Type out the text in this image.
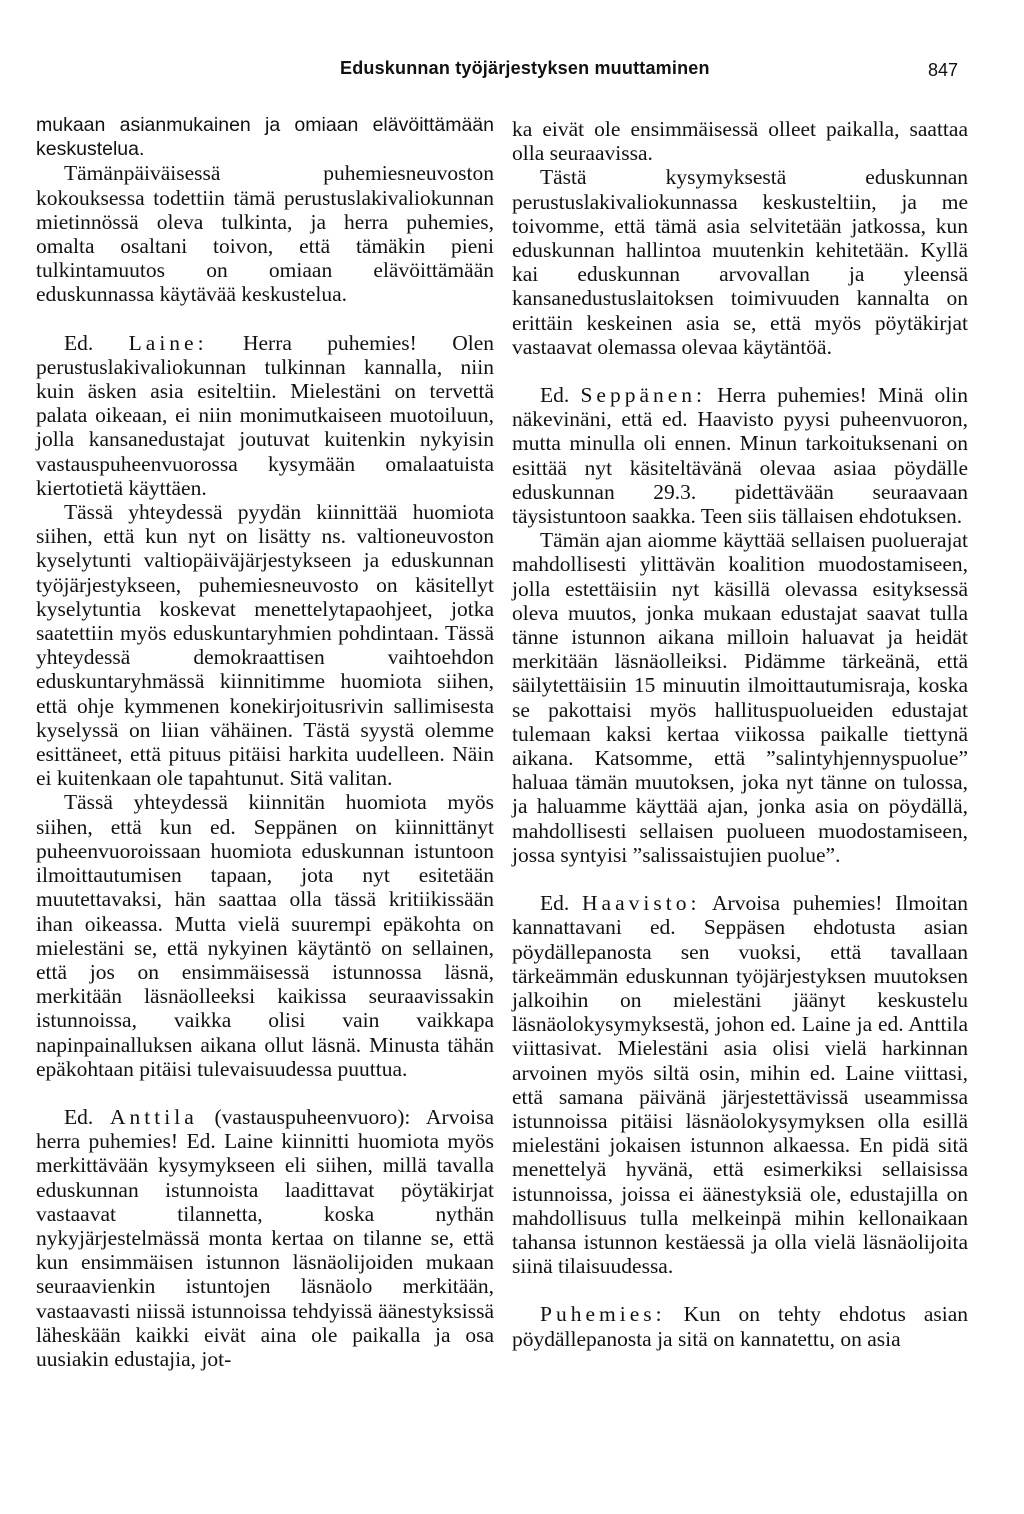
Eduskunnan työjärjestyksen muuttaminen	847

mukaan asianmukainen ja omiaan elävöittämään keskustelua.

Tämänpäiväisessä puhemiesneuvoston kokouksessa todettiin tämä perustuslakivaliokunnan mietinnössä oleva tulkinta, ja herra puhemies, omalta osaltani toivon, että tämäkin pieni tulkintamuutos on omiaan elävöittämään eduskunnassa käytävää keskustelua.

Ed. Laine: Herra puhemies! Olen perustuslakivaliokunnan tulkinnan kannalla, niin kuin äsken asia esiteltiin. Mielestäni on tervettä palata oikeaan, ei niin monimutkaiseen muotoiluun, jolla kansanedustajat joutuvat kuitenkin nykyisin vastauspuheenvuorossa kysymään omalaatuista kiertotietä käyttäen.

Tässä yhteydessä pyydän kiinnittää huomiota siihen, että kun nyt on lisätty ns. valtioneuvoston kyselytunti valtiopäiväjärjestykseen ja eduskunnan työjärjestykseen, puhemiesneuvosto on käsitellyt kyselytuntia koskevat menettelytapaohjeet, jotka saatettiin myös eduskuntaryhmien pohdintaan. Tässä yhteydessä demokraattisen vaihtoehdon eduskuntaryhmässä kiinnitimme huomiota siihen, että ohje kymmenen konekirjoitusrivin sallimisesta kyselyssä on liian vähäinen. Tästä syystä olemme esittäneet, että pituus pitäisi harkita uudelleen. Näin ei kuitenkaan ole tapahtunut. Sitä valitan.

Tässä yhteydessä kiinnitän huomiota myös siihen, että kun ed. Seppänen on kiinnittänyt puheenvuoroissaan huomiota eduskunnan istuntoon ilmoittautumisen tapaan, jota nyt esitetään muutettavaksi, hän saattaa olla tässä kritiikissään ihan oikeassa. Mutta vielä suurempi epäkohta on mielestäni se, että nykyinen käytäntö on sellainen, että jos on ensimmäisessä istunnossa läsnä, merkitään läsnäolleeksi kaikissa seuraavissakin istunnoissa, vaikka olisi vain vaikkapa napinpainalluksen aikana ollut läsnä. Minusta tähän epäkohtaan pitäisi tulevaisuudessa puuttua.

Ed. Anttila (vastauspuheenvuoro): Arvoisa herra puhemies! Ed. Laine kiinnitti huomiota myös merkittävään kysymykseen eli siihen, millä tavalla eduskunnan istunnoista laadittavat pöytäkirjat vastaavat tilannetta, koska nythän nykyjärjestelmässä monta kertaa on tilanne se, että kun ensimmäisen istunnon läsnäolijoiden mukaan seuraavienkin istuntojen läsnäolo merkitään, vastaavasti niissä istunnoissa tehdyissä äänestyksissä läheskään kaikki eivät aina ole paikalla ja osa uusiakin edustajia, jot-

ka eivät ole ensimmäisessä olleet paikalla, saattaa olla seuraavissa.

Tästä kysymyksestä eduskunnan perustuslakivaliokunnassa keskusteltiin, ja me toivomme, että tämä asia selvitetään jatkossa, kun eduskunnan hallintoa muutenkin kehitetään. Kyllä kai eduskunnan arvovallan ja yleensä kansanedustuslaitoksen toimivuuden kannalta on erittäin keskeinen asia se, että myös pöytäkirjat vastaavat olemassa olevaa käytäntöä.

Ed. Seppänen: Herra puhemies! Minä olin näkevinäni, että ed. Haavisto pyysi puheenvuoron, mutta minulla oli ennen. Minun tarkoituksenani on esittää nyt käsiteltävänä olevaa asiaa pöydälle eduskunnan 29.3. pidettävään seuraavaan täysistuntoon saakka. Teen siis tällaisen ehdotuksen.

Tämän ajan aiomme käyttää sellaisen puoluerajat mahdollisesti ylittävän koalition muodostamiseen, jolla estettäisiin nyt käsillä olevassa esityksessä oleva muutos, jonka mukaan edustajat saavat tulla tänne istunnon aikana milloin haluavat ja heidät merkitään läsnäolleiksi. Pidämme tärkeänä, että säilytettäisiin 15 minuutin ilmoittautumisraja, koska se pakottaisi myös hallituspuolueiden edustajat tulemaan kaksi kertaa viikossa paikalle tiettynä aikana. Katsomme, että ”salintyhjennyspuolue” haluaa tämän muutoksen, joka nyt tänne on tulossa, ja haluamme käyttää ajan, jonka asia on pöydällä, mahdollisesti sellaisen puolueen muodostamiseen, jossa syntyisi ”salissaistujien puolue”.

Ed. Haavisto: Arvoisa puhemies! Ilmoitan kannattavani ed. Seppäsen ehdotusta asian pöydällepanosta sen vuoksi, että tavallaan tärkeämmän eduskunnan työjärjestyksen muutoksen jalkoihin on mielestäni jäänyt keskustelu läsnäolokysymyksestä, johon ed. Laine ja ed. Anttila viittasivat. Mielestäni asia olisi vielä harkinnan arvoinen myös siltä osin, mihin ed. Laine viittasi, että samana päivänä järjestettävissä useammissa istunnoissa pitäisi läsnäolokysymyksen olla esillä mielestäni jokaisen istunnon alkaessa. En pidä sitä menettelyä hyvänä, että esimerkiksi sellaisissa istunnoissa, joissa ei äänestyksiä ole, edustajilla on mahdollisuus tulla melkeinpä mihin kellonaikaan tahansa istunnon kestäessä ja olla vielä läsnäolijoita siinä tilaisuudessa.

Puhemies: Kun on tehty ehdotus asian pöydällepanosta ja sitä on kannatettu, on asia
